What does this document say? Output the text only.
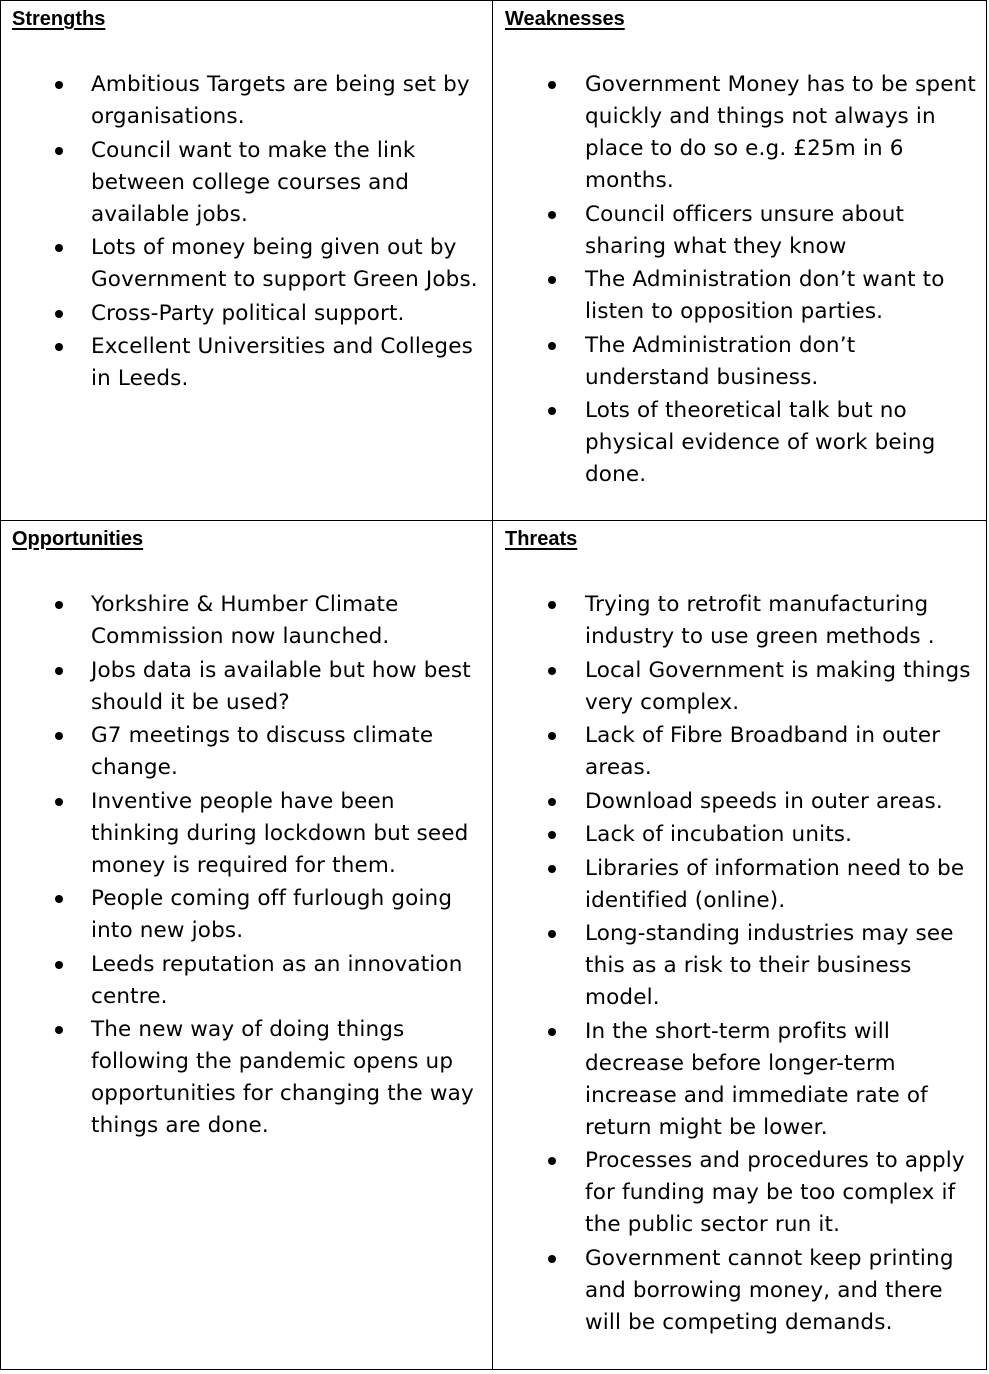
Strengths
Ambitious Targets are being set by organisations.
Council want to make the link between college courses and available jobs.
Lots of money being given out by Government to support Green Jobs.
Cross-Party political support.
Excellent Universities and Colleges in Leeds.
Weaknesses
Government Money has to be spent quickly and things not always in place to do so e.g. £25m in 6 months.
Council officers unsure about sharing what they know
The Administration don’t want to listen to opposition parties.
The Administration don’t understand business.
Lots of theoretical talk but no physical evidence of work being done.
Opportunities
Yorkshire & Humber Climate Commission now launched.
Jobs data is available but how best should it be used?
G7 meetings to discuss climate change.
Inventive people have been thinking during lockdown but seed money is required for them.
People coming off furlough going into new jobs.
Leeds reputation as an innovation centre.
The new way of doing things following the pandemic opens up opportunities for changing the way things are done.
Threats
Trying to retrofit manufacturing industry to use green methods .
Local Government is making things very complex.
Lack of Fibre Broadband in outer areas.
Download speeds in outer areas.
Lack of incubation units.
Libraries of information need to be identified (online).
Long-standing industries may see this as a risk to their business model.
In the short-term profits will decrease before longer-term increase and immediate rate of return might be lower.
Processes and procedures to apply for funding may be too complex if the public sector run it.
Government cannot keep printing and borrowing money, and there will be competing demands.
